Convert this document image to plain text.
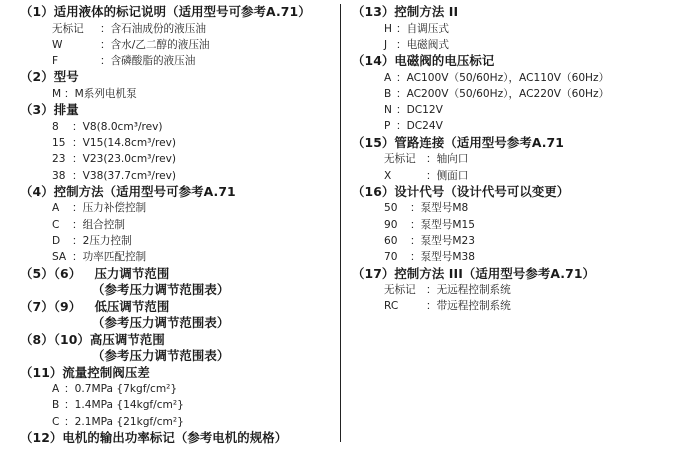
（1）适用液体的标记说明（适用型号可参考A.71）
无标记 ：含石油成份的液压油
W	：含水/乙二醇的液压油
F	：含磷酸脂的液压油
（2）型号
M ：M系列电机泵
（3）排量
8 ：V8(8.0cm³/rev)
15 ：V15(14.8cm³/rev)
23 ：V23(23.0cm³/rev)
38 ：V38(37.7cm³/rev)
（4）控制方法（适用型号可参考A.71
A ：压力补偿控制
C ：组合控制
D ：2压力控制
SA ：功率匹配控制
（5）（6）   压力调节范围
（参考压力调节范围表）
（7）（9）   低压调节范围
（参考压力调节范围表）
（8）（10）高压调节范围
（参考压力调节范围表）
（11）流量控制阀压差
A ：0.7MPa {7kgf/cm²}
B ：1.4MPa {14kgf/cm²}
C ：2.1MPa {21kgf/cm²}
（12）电机的输出功率标记（参考电机的规格）
（13）控制方法 II
H ：自调压式
J ：电磁阀式
（14）电磁阀的电压标记
A ：AC100V（50/60Hz），AC110V（60Hz）
B ：AC200V（50/60Hz），AC220V（60Hz）
N ：DC12V
P ：DC24V
（15）管路连接（适用型号参考A.71
无标记 ：轴向口
X	：侧面口
（16）设计代号（设计代号可以变更）
50 ：泵型号M8
90 ：泵型号M15
60 ：泵型号M23
70 ：泵型号M38
（17）控制方法 III（适用型号参考A.71）
无标记 ：无远程控制系统
RC	：带远程控制系统
